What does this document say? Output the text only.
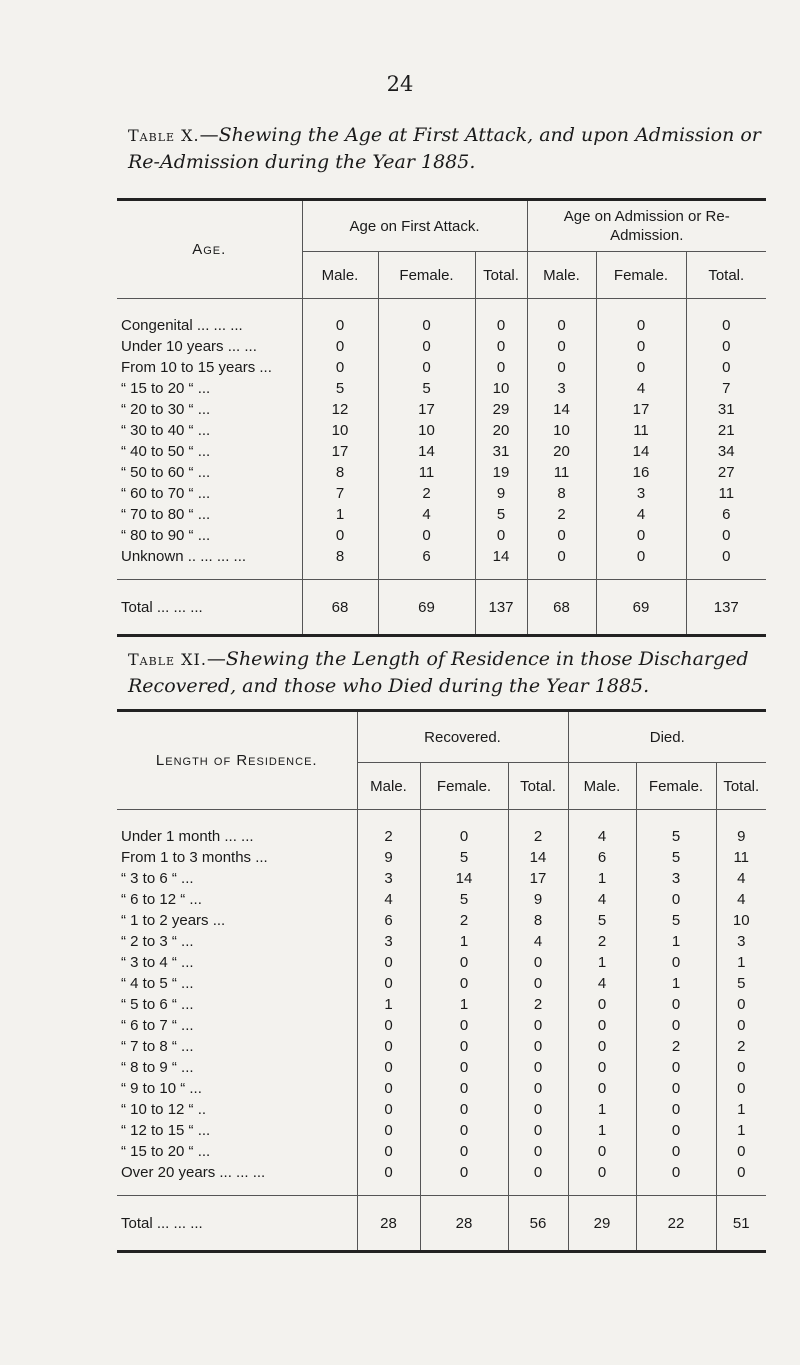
24
Table X.—Shewing the Age at First Attack, and upon Admission or Re-Admission during the Year 1885.
Age.	Age on First Attack.			Age on Admission or Re-Admission.		
	Male.	Female.	Total.	Male.	Female.	Total.
Congenital ... ... ...	0	0	0	0	0	0
Under 10 years ... ...	0	0	0	0	0	0
From 10 to 15 years ...	0	0	0	0	0	0
“ 15 to 20 “ ...	5	5	10	3	4	7
“ 20 to 30 “ ...	12	17	29	14	17	31
“ 30 to 40 “ ...	10	10	20	10	11	21
“ 40 to 50 “ ...	17	14	31	20	14	34
“ 50 to 60 “ ...	8	11	19	11	16	27
“ 60 to 70 “ ...	7	2	9	8	3	11
“ 70 to 80 “ ...	1	4	5	2	4	6
“ 80 to 90 “ ...	0	0	0	0	0	0
Unknown .. ... ... ...	8	6	14	0	0	0
Total ... ... ...	68	69	137	68	69	137
Table XI.—Shewing the Length of Residence in those Discharged Recovered, and those who Died during the Year 1885.
Length of Residence.	Recovered.			Died.		
	Male.	Female.	Total.	Male.	Female.	Total.
Under 1 month ... ...	2	0	2	4	5	9
From 1 to 3 months ...	9	5	14	6	5	11
“ 3 to 6 “ ...	3	14	17	1	3	4
“ 6 to 12 “ ...	4	5	9	4	0	4
“ 1 to 2 years ...	6	2	8	5	5	10
“ 2 to 3 “ ...	3	1	4	2	1	3
“ 3 to 4 “ ...	0	0	0	1	0	1
“ 4 to 5 “ ...	0	0	0	4	1	5
“ 5 to 6 “ ...	1	1	2	0	0	0
“ 6 to 7 “ ...	0	0	0	0	0	0
“ 7 to 8 “ ...	0	0	0	0	2	2
“ 8 to 9 “ ...	0	0	0	0	0	0
“ 9 to 10 “ ...	0	0	0	0	0	0
“ 10 to 12 “ ..	0	0	0	1	0	1
“ 12 to 15 “ ...	0	0	0	1	0	1
“ 15 to 20 “ ...	0	0	0	0	0	0
Over 20 years ... ... ...	0	0	0	0	0	0
Total ... ... ...	28	28	56	29	22	51
